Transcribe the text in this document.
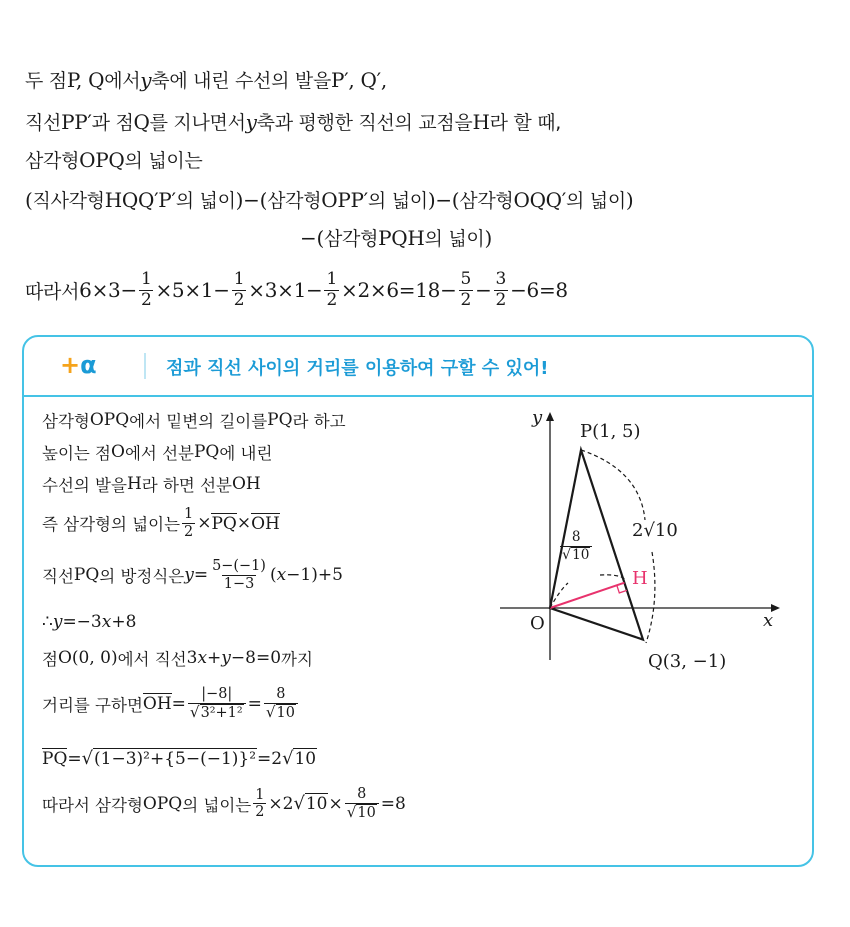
+α	점과 직선 사이의 거리를 이용하여 구할 수 있어!
y
x
O
P(1, 5)
Q(3, −1)
H
2√10
$\frac{8}{√ 10}$
두 점 P, Q 에서 y 축에 내린 수선의 발을 P′, Q′,
직선 PP′ 과 점 Q 를 지나면서 y 축과 평행한 직선의 교점을 H 라 할 때,
삼각형 OPQ 의 넓이는
( 직사각형 HQQ′P′ 의 넓이 )−( 삼각형 OPP′ 의 넓이 )−( 삼각형 OQQ′ 의 넓이 )
−( 삼각형 PQH 의 넓이 )
따라서 $6\times 3- \frac{1}{2} \times 5\times 1- \frac{1}{2} \times 3\times 1- \frac{1}{2} \times 2\times 6=18- \frac{5}{2} - \frac{3}{2} -6=8$
삼각형 OPQ 에서 밑변의 길이를 PQ 라 하고
높이는 점 O 에서 선분 PQ 에 내린
수선의 발을 H 라 하면 선분 OH
즉 삼각형의 넓이는 $\frac{1}{2}$ × PQ × OH
직선 PQ 의 방정식은 $y = \frac{5-(-1)}{1-3}$ ( x −1)+5
∴ y =−3 x +8
점 O(0, 0) 에서 직선 3 x + y −8=0 까지
거리를 구하면 OH = $\frac{|-8|}{\text{√ 3²+1²}} = \frac{8}{√ 10}$
PQ = √ (1−3)²+{5−(−1)}² =2 √ 10
따라서 삼각형 OPQ 의 넓이는 $\frac{1}{2} \times 2$ √ $10 \times \frac{8}{√ 10} =8$
